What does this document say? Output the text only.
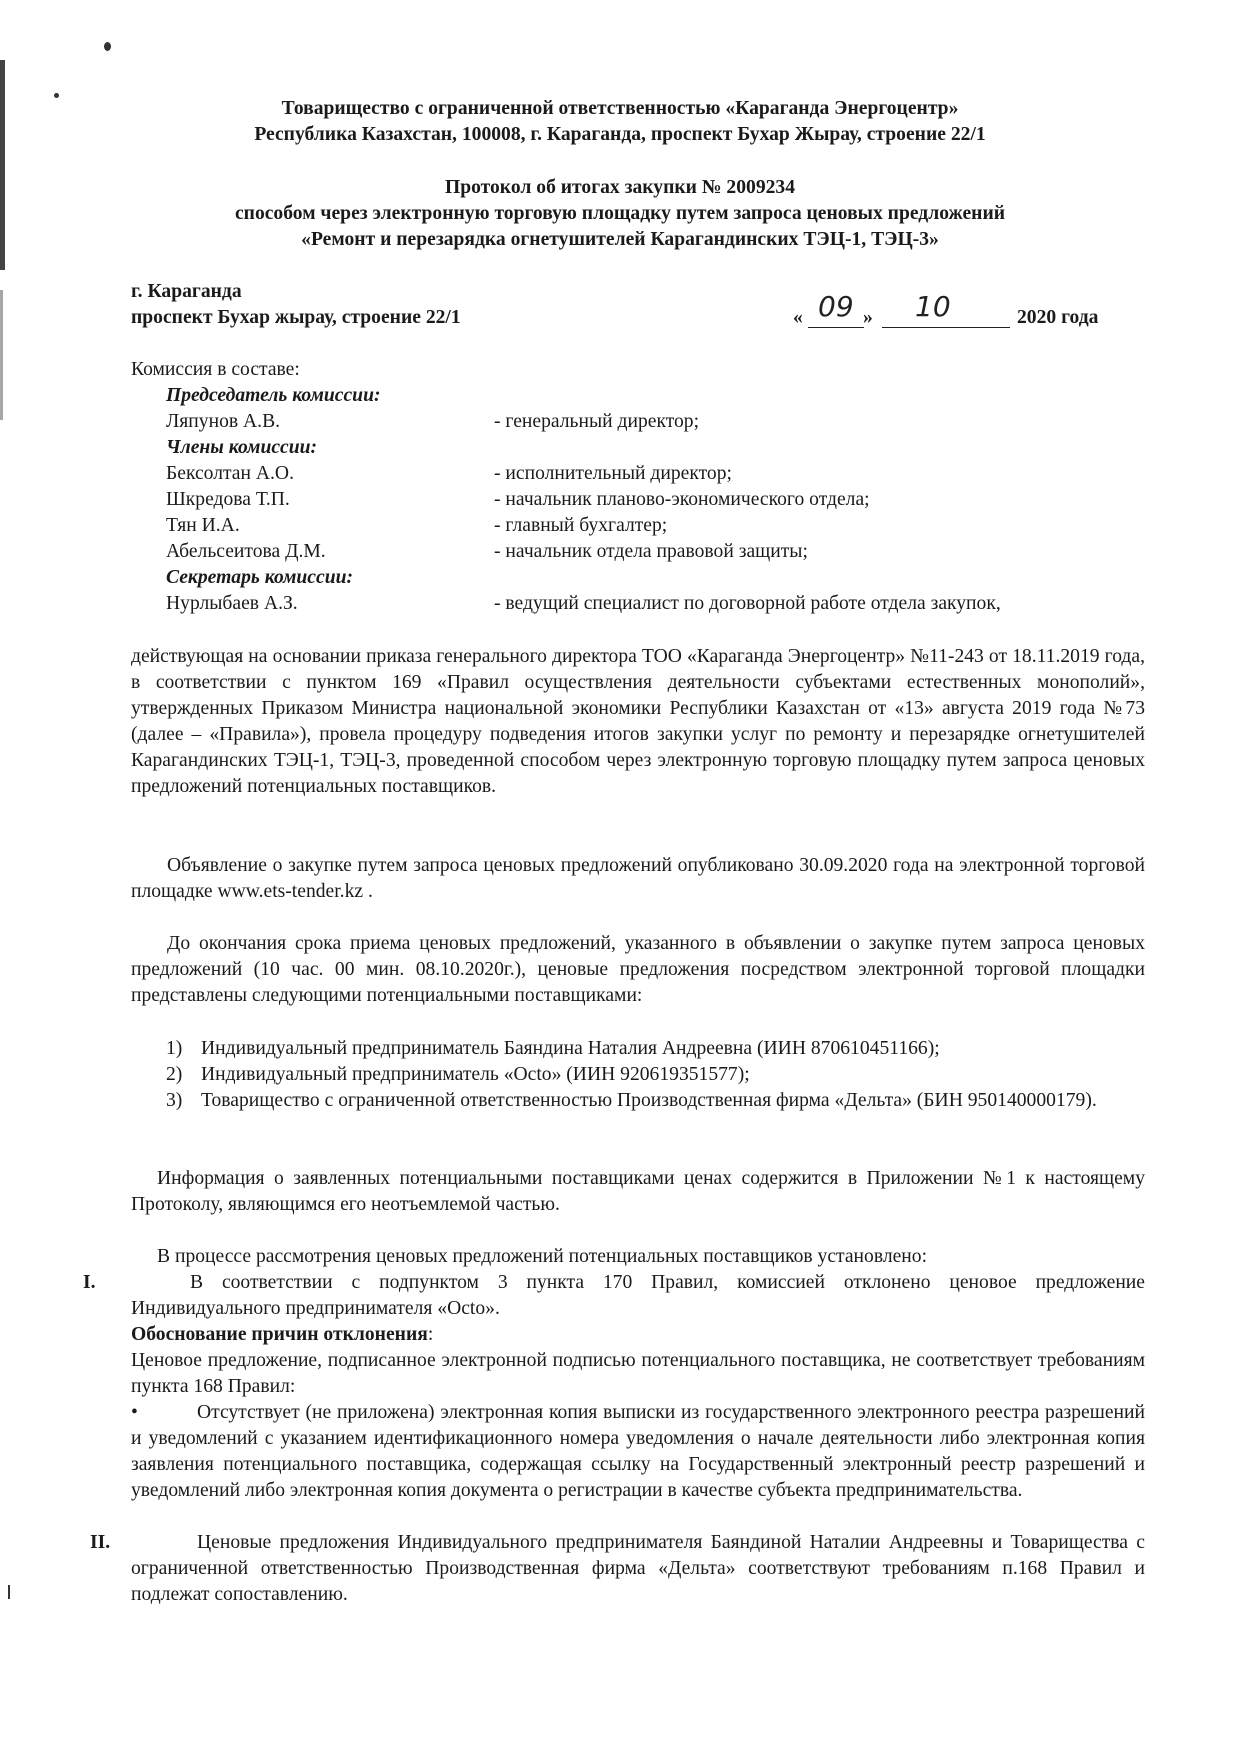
Товарищество с ограниченной ответственностью «Караганда Энергоцентр»
Республика Казахстан, 100008, г. Караганда, проспект Бухар Жырау, строение 22/1
Протокол об итогах закупки № 2009234
способом через электронную торговую площадку путем запроса ценовых предложений
«Ремонт и перезарядка огнетушителей Карагандинских ТЭЦ-1, ТЭЦ-3»
г. Караганда
проспект Бухар жырау, строение 22/1	« 09 » 10	2020 года
Комиссия в составе:
Председатель комиссии:
Ляпунов А.В.	- генеральный директор;
Члены комиссии:
Бексолтан А.О.	- исполнительный директор;
Шкредова Т.П.	- начальник планово-экономического отдела;
Тян И.А.	- главный бухгалтер;
Абельсеитова Д.М.	- начальник отдела правовой защиты;
Секретарь комиссии:
Нурлыбаев А.З.	- ведущий специалист по договорной работе отдела закупок,
действующая на основании приказа генерального директора ТОО «Караганда Энергоцентр» №11-243 от 18.11.2019 года, в соответствии с пунктом 169 «Правил осуществления деятельности субъектами естественных монополий», утвержденных Приказом Министра национальной экономики Республики Казахстан от «13» августа 2019 года №73 (далее – «Правила»), провела процедуру подведения итогов закупки услуг по ремонту и перезарядке огнетушителей Карагандинских ТЭЦ-1, ТЭЦ-3, проведенной способом через электронную торговую площадку путем запроса ценовых предложений потенциальных поставщиков.
Объявление о закупке путем запроса ценовых предложений опубликовано 30.09.2020 года на электронной торговой площадке www.ets-tender.kz .
До окончания срока приема ценовых предложений, указанного в объявлении о закупке путем запроса ценовых предложений (10 час. 00 мин. 08.10.2020г.), ценовые предложения посредством электронной торговой площадки представлены следующими потенциальными поставщиками:
1) Индивидуальный предприниматель Баяндина Наталия Андреевна (ИИН 870610451166);
2) Индивидуальный предприниматель «Octo» (ИИН 920619351577);
3) Товарищество с ограниченной ответственностью Производственная фирма «Дельта» (БИН 950140000179).
Информация о заявленных потенциальными поставщиками ценах содержится в Приложении №1 к настоящему Протоколу, являющимся его неотъемлемой частью.
В процессе рассмотрения ценовых предложений потенциальных поставщиков установлено:
I.	В соответствии с подпунктом 3 пункта 170 Правил, комиссией отклонено ценовое предложение Индивидуального предпринимателя «Octo».
Обоснование причин отклонения:
Ценовое предложение, подписанное электронной подписью потенциального поставщика, не соответствует требованиям пункта 168 Правил:
•	Отсутствует (не приложена) электронная копия выписки из государственного электронного реестра разрешений и уведомлений с указанием идентификационного номера уведомления о начале деятельности либо электронная копия заявления потенциального поставщика, содержащая ссылку на Государственный электронный реестр разрешений и уведомлений либо электронная копия документа о регистрации в качестве субъекта предпринимательства.
II.	Ценовые предложения Индивидуального предпринимателя Баяндиной Наталии Андреевны и Товарищества с ограниченной ответственностью Производственная фирма «Дельта» соответствуют требованиям п.168 Правил и подлежат сопоставлению.
